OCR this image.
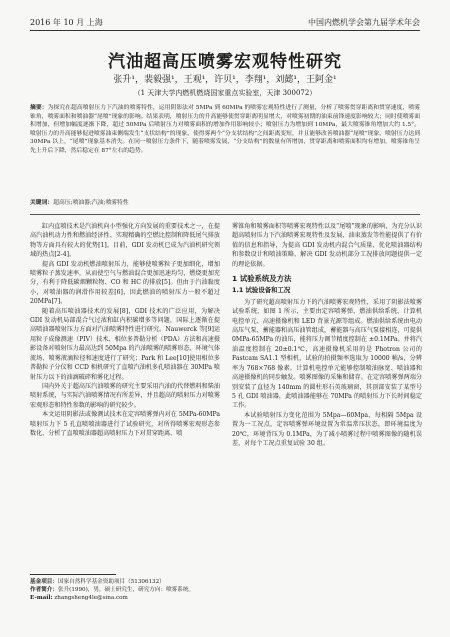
2016 年 10 月 上海	中国内燃机学会第九届学术年会
汽油超高压喷雾宏观特性研究
张升¹，裴毅强¹，王观¹，许贝¹，李翔¹，刘懿¹，王阿金¹
（1 天津大学内燃机燃烧国家重点实验室，天津 300072）
摘要：为探究在超高喷射压力下汽油的喷雾特性，运用阴影法对 5MPa 到 60MPa 的喷雾宏观特性进行了测量，分析了喷雾贯穿距离和贯穿速度，喷雾锥角，喷雾面积和喷油器“尾喷”现象的影响。结果表明，喷射压力的升高能够使贯穿距离明显增大，对喷雾初期的油束前锋速度影响较大；同时使喷雾面积增加，但增加幅度逐渐下降，超过 50MPa 后喷射压力对喷雾面积的增加作用影响较小；喷射压力为增加到 10MPa，最大喷雾锥角增加大约 1.5°。喷射压力的升高能够促进喷雾油束侧端发生“支状结构”的现象，使得雾两个“分支状结构”之间距离变短，并且能够改善喷油器“尾喷”现象，喷射压力达到 30MPa 以上，“尾喷”现象基本消失。在同一喷射压力条件下，随着喷雾发展，“分支结构”的数量有所增加，贯穿距离和喷雾面积均有增加，喷雾锥角呈先上升后下降，然后稳定在 87°左右的趋势。
关键词：超高压;喷油器;汽油;喷雾特性

缸内直喷技术是汽油机向小型强化方向发展的重要技术之一，在提高汽油机动力性和燃油经济性、实现精确的空燃比控制和降低尾气排放物等方面具有较大的优势[1]。目前，GDI 发动机已成为汽油机研究领域的热点[2-4]。

提高 GDI 发动机燃油喷射压力，能够使喷雾粒子更加细化，增加喷雾粒子蒸发速率，从而使空气与燃油混合更加迅速均匀，燃烧更加充分，有利于降低碳烟颗粒物、CO 和 HC 的排放[5]。但由于汽油黏度小，对喷油器的润滑作用较差[6]，因此燃油的喷射压力一般不超过 20MPa[7]。

随着高压喷油器技术的发展[8]，GDI 技术的广泛应用，为解决 GDI 发动机局部混合气过浓和缸内积碳增多等问题，国际上逐渐在提高喷油器喷射压力方面对汽油喷雾特性进行研究。Nauwerck 等[9]运用粒子成像测速（PIV）技术、相位多普勒分析（PDA）方法和高速摄影设备对喷射压力最高达到 50Mpa 的汽油喷雾的喷雾形态、环境气体流场、喷雾液滴粒径和速度进行了研究；Park 和 Lee[10]使用相位多普勒粒子分仪和 CCD 相机研究了直喷汽油机多孔喷油器在 30MPa 喷射压力以下的油滴破碎和雾化过程。

国内外关于超高压汽油喷雾的研究主要采用汽油的代替燃料和柴油喷射系统，与实际汽油喷雾情况有所差异，并且超高的喷射压力对喷雾宏观形态和特性参数的影响的研究较少。

本文运用阴影法或像测试技术在定容喷雾弹内对在 5MPa-60MPa 喷射压力下 5 孔直喷喷油器进行了试验研究，对所得喷雾宏观形态参数化，分析了直喷喷油器超高喷射压力下对贯穿距离、喷

雾锥角和喷雾面积等喷雾宏观特性以及“尾喷”现象的影响，为充分认识超高喷射压力下汽油喷雾宏观特性及发展、油束蒸发等性能提供了有价值的信息和指导，为提高 GDI 发动机内混合气质量、优化喷油器结构和参数设计和喷油策略、解决 GDI 发动机部分工况排放问题提供一定的理论依据。

1 试验系统及方法
1.1 试验设备和工况

为了研究超高喷射压力下的汽油喷雾宏观特性，采用了阴影法喷雾试验系统，如图 1 所示，主要由定容喷雾弹、燃油供给系统、计算机电控单元、高速摄像机和 LED 背景光源等组成。燃油供给系统由电动高压气泵、蓄能器和高压油管组成，蓄能器与高压气泵接相连，可提供 0MPa-65MPa 的油压，能将压力调节精度控制在 ±0.1MPa。并将汽油温度控制在 20±0.1℃，高速摄像机采用的是 Photron 公司的 Fastcam SA1.1 型相机，试验的拍摄频率选取为 10000 帧/s，分辨率为 768×768 像素。计算机电控单元能够控制喷油脉宽、喷油器和高速摄像机的同步触发。喷雾图像的采集和储存。在定容喷雾弹两端分别安装了直径为 140mm 的圆柱形石英玻璃窗，其顶部安装了某型号 5 孔 GDI 喷油器，此喷油器能够在 70MPa 的喷射压力下长时间稳定工作。

本试验喷射压力变化范围为 5Mpa—60Mpa，每相隔 5Mpa 设置为一工况点，定容喷雾弹环境设置为常温常压状态，即环境温度为 20℃，环境背压为 0.1MPa，为了减小喷雾过程中喷雾图像的随机误差，对每个工况点重复试验 30 组。

基金项目：国家自然科学基金资助项目（51306132）
作者简介：张升(1990)，男，硕士研究生，研究方向：喷雾系统。
E-mail: zhangsheng4le@sina.com
